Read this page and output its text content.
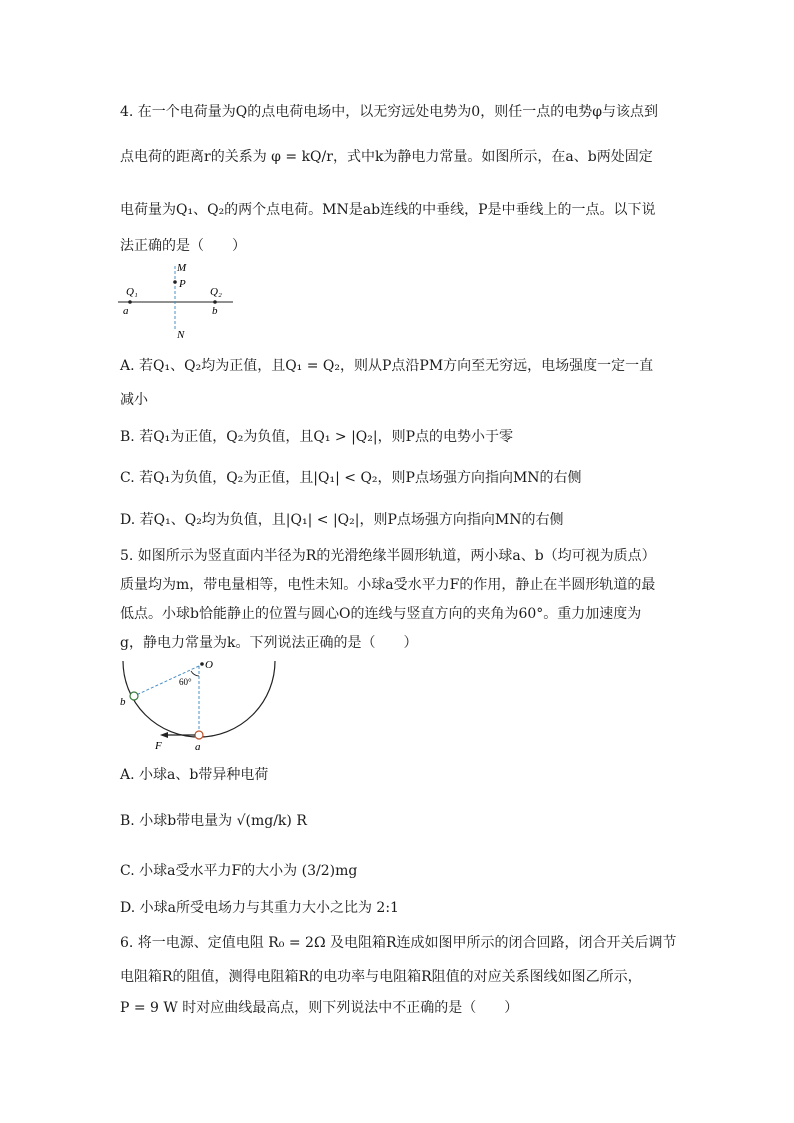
4. 在一个电荷量为Q的点电荷电场中，以无穷远处电势为0，则任一点的电势φ与该点到
点电荷的距离r的关系为 φ = kQ/r，式中k为静电力常量。如图所示，在a、b两处固定
电荷量为Q₁、Q₂的两个点电荷。MN是ab连线的中垂线，P是中垂线上的一点。以下说
法正确的是（　　）
M
P
Q₁	Q₂
a	b
N
A. 若Q₁、Q₂均为正值，且Q₁ = Q₂，则从P点沿PM方向至无穷远，电场强度一定一直
减小
B. 若Q₁为正值，Q₂为负值，且Q₁ > |Q₂|，则P点的电势小于零
C. 若Q₁为负值，Q₂为正值，且|Q₁| < Q₂，则P点场强方向指向MN的右侧
D. 若Q₁、Q₂均为负值，且|Q₁| < |Q₂|，则P点场强方向指向MN的右侧
5. 如图所示为竖直面内半径为R的光滑绝缘半圆形轨道，两小球a、b（均可视为质点）
质量均为m，带电量相等，电性未知。小球a受水平力F的作用，静止在半圆形轨道的最
低点。小球b恰能静止的位置与圆心O的连线与竖直方向的夹角为60°。重力加速度为
g，静电力常量为k。下列说法正确的是（　　）
O
60°
b
F	a
A. 小球a、b带异种电荷
B. 小球b带电量为 √(mg/k) R
C. 小球a受水平力F的大小为 (3/2)mg
D. 小球a所受电场力与其重力大小之比为 2:1
6. 将一电源、定值电阻 R₀ = 2Ω 及电阻箱R连成如图甲所示的闭合回路，闭合开关后调节
电阻箱R的阻值，测得电阻箱R的电功率与电阻箱R阻值的对应关系图线如图乙所示，
P = 9 W 时对应曲线最高点，则下列说法中不正确的是（　　）
